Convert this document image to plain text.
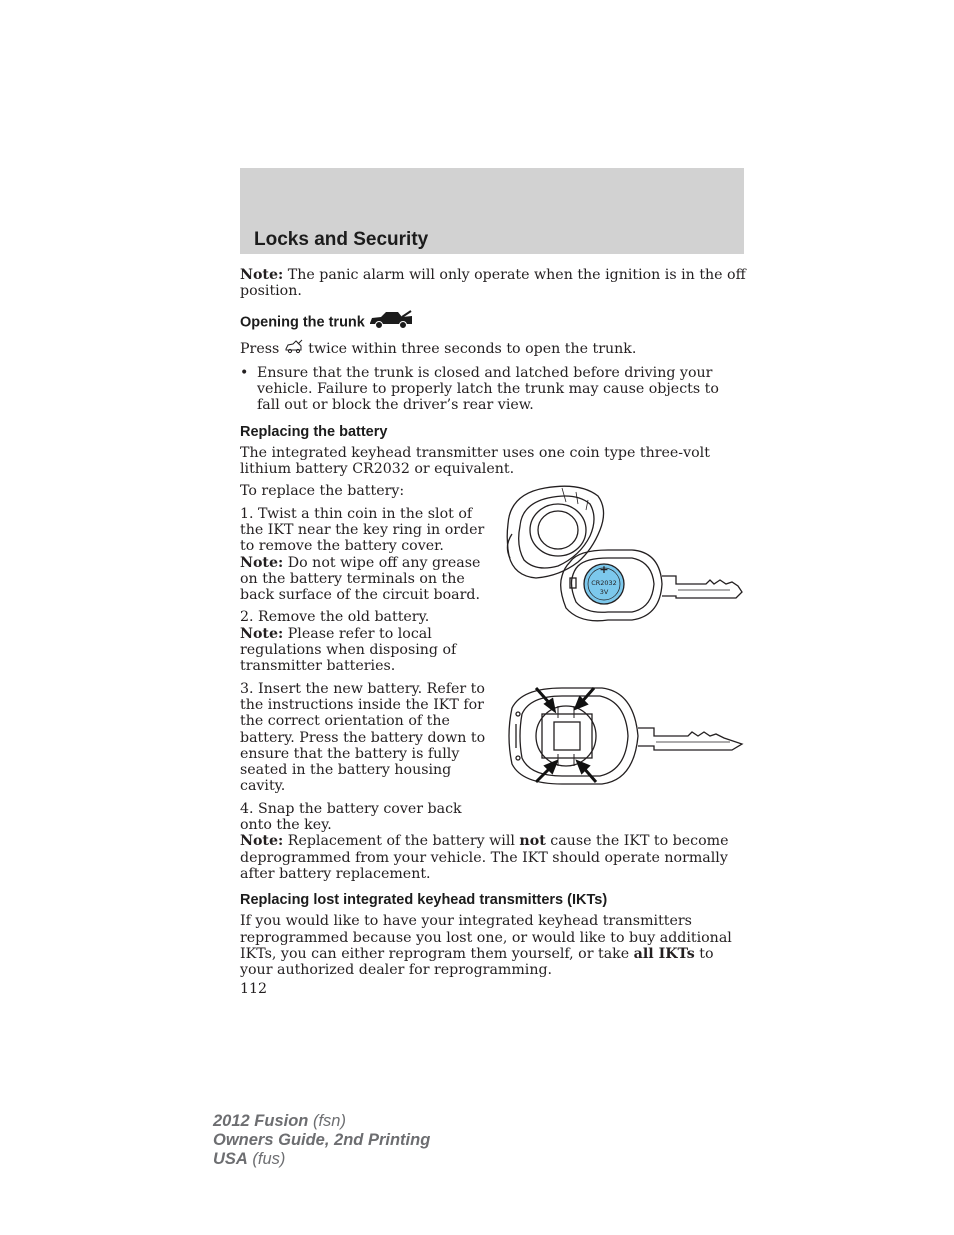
Locks and Security

Note: The panic alarm will only operate when the ignition is in the off position.

Opening the trunk

Press  twice within three seconds to open the trunk.

• Ensure that the trunk is closed and latched before driving your vehicle. Failure to properly latch the trunk may cause objects to fall out or block the driver’s rear view.
Replacing the battery

The integrated keyhead transmitter uses one coin type three-volt lithium battery CR2032 or equivalent.

To replace the battery:

1. Twist a thin coin in the slot of the IKT near the key ring in order to remove the battery cover.

Note: Do not wipe off any grease on the battery terminals on the back surface of the circuit board.

2. Remove the old battery.

Note: Please refer to local regulations when disposing of transmitter batteries.

3. Insert the new battery. Refer to the instructions inside the IKT for the correct orientation of the battery. Press the battery down to ensure that the battery is fully seated in the battery housing cavity.

4. Snap the battery cover back onto the key.

Note: Replacement of the battery will not cause the IKT to become deprogrammed from your vehicle. The IKT should operate normally after battery replacement.

Replacing lost integrated keyhead transmitters (IKTs)

If you would like to have your integrated keyhead transmitters reprogrammed because you lost one, or would like to buy additional IKTs, you can either reprogram them yourself, or take all IKTs to your authorized dealer for reprogramming.

112

+
CR2032
3V
2012 Fusion (fsn)
Owners Guide, 2nd Printing
USA (fus)
